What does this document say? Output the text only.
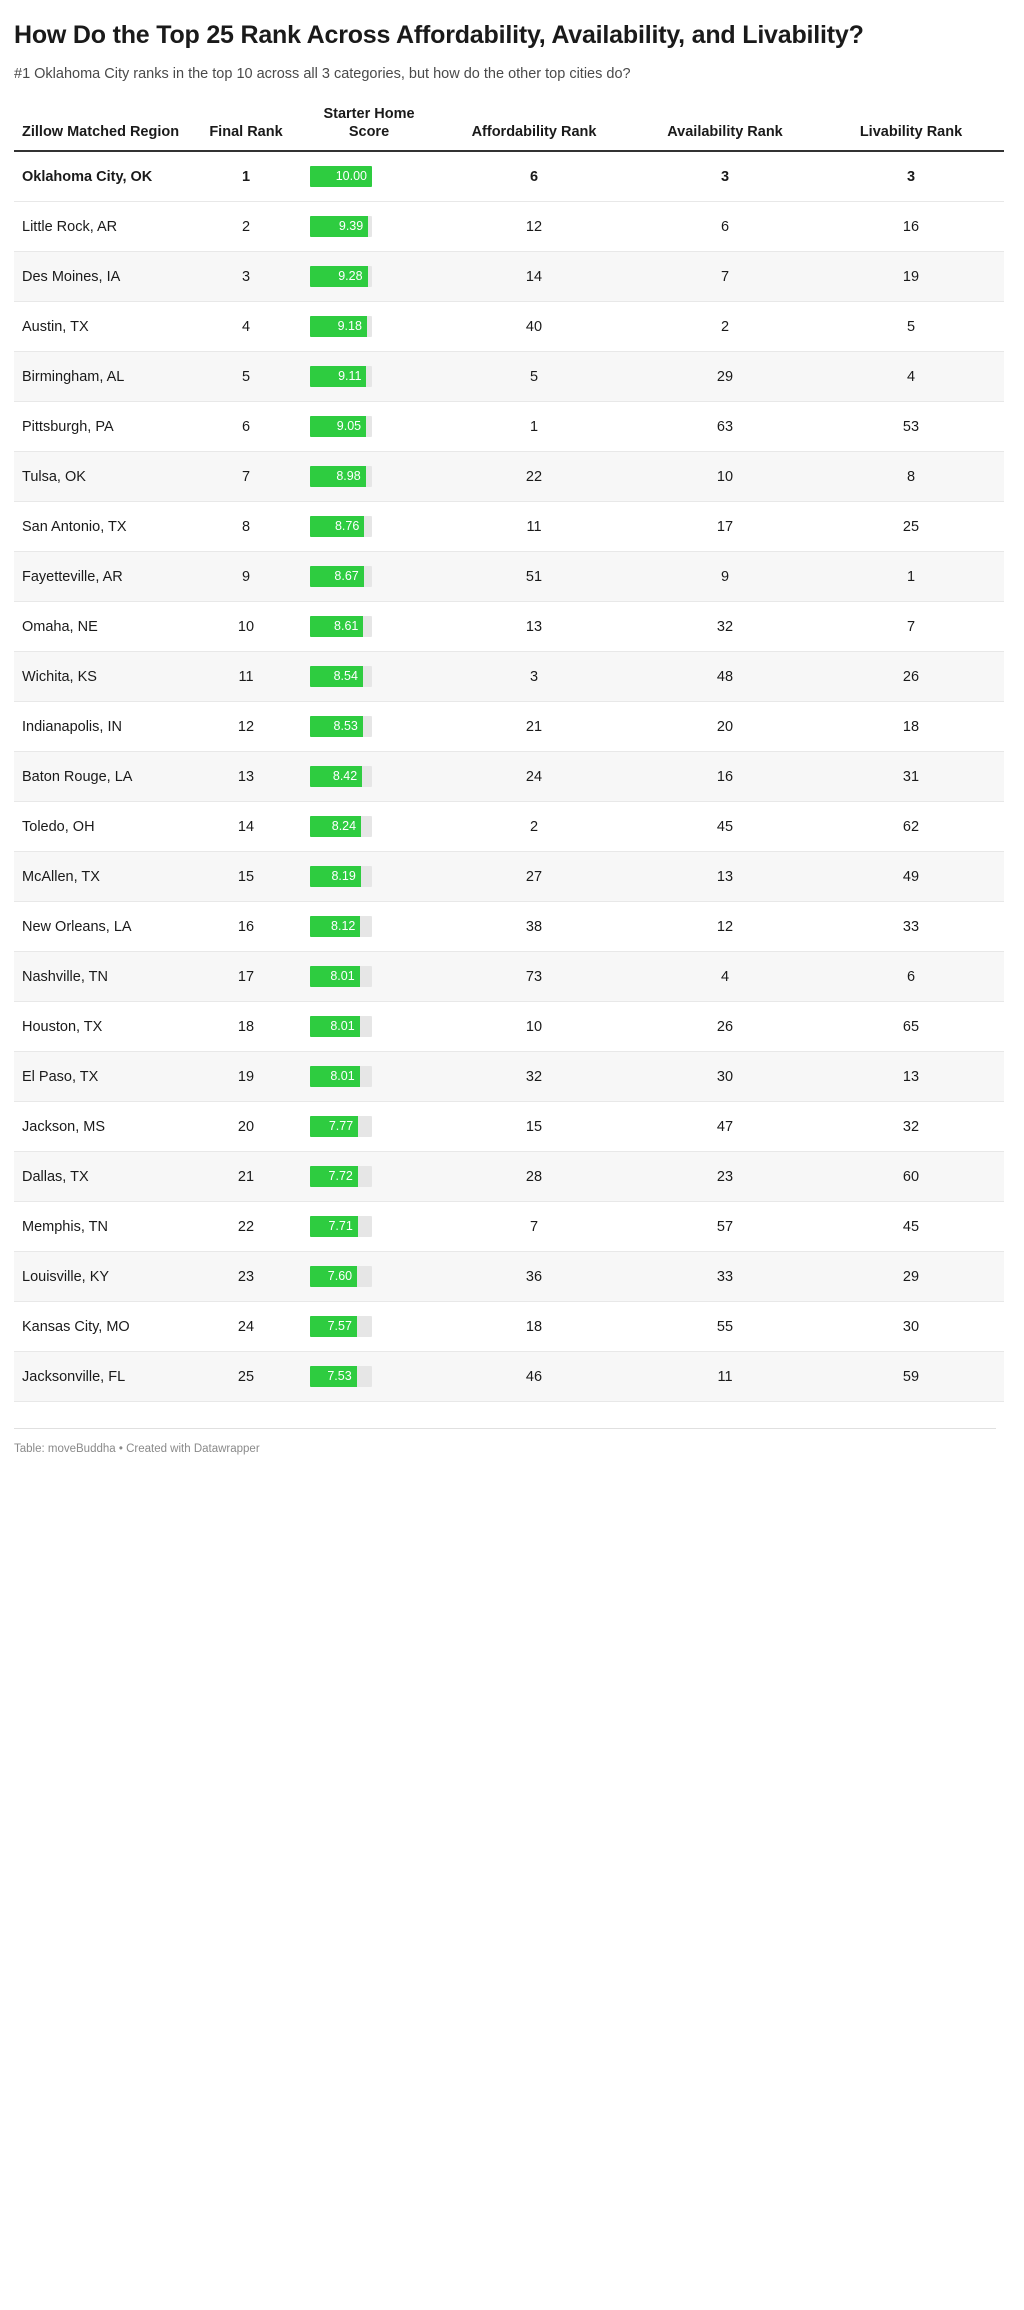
How Do the Top 25 Rank Across Affordability, Availability, and Livability?

#1 Oklahoma City ranks in the top 10 across all 3 categories, but how do the other top cities do?

Zillow Matched Region	Final Rank	Starter Home Score	Affordability Rank	Availability Rank	Livability Rank
Oklahoma City, OK	1	10.00	6	3	3
Little Rock, AR	2	9.39	12	6	16
Des Moines, IA	3	9.28	14	7	19
Austin, TX	4	9.18	40	2	5
Birmingham, AL	5	9.11	5	29	4
Pittsburgh, PA	6	9.05	1	63	53
Tulsa, OK	7	8.98	22	10	8
San Antonio, TX	8	8.76	11	17	25
Fayetteville, AR	9	8.67	51	9	1
Omaha, NE	10	8.61	13	32	7
Wichita, KS	11	8.54	3	48	26
Indianapolis, IN	12	8.53	21	20	18
Baton Rouge, LA	13	8.42	24	16	31
Toledo, OH	14	8.24	2	45	62
McAllen, TX	15	8.19	27	13	49
New Orleans, LA	16	8.12	38	12	33
Nashville, TN	17	8.01	73	4	6
Houston, TX	18	8.01	10	26	65
El Paso, TX	19	8.01	32	30	13
Jackson, MS	20	7.77	15	47	32
Dallas, TX	21	7.72	28	23	60
Memphis, TN	22	7.71	7	57	45
Louisville, KY	23	7.60	36	33	29
Kansas City, MO	24	7.57	18	55	30
Jacksonville, FL	25	7.53	46	11	59
Table: moveBuddha • Created with Datawrapper
